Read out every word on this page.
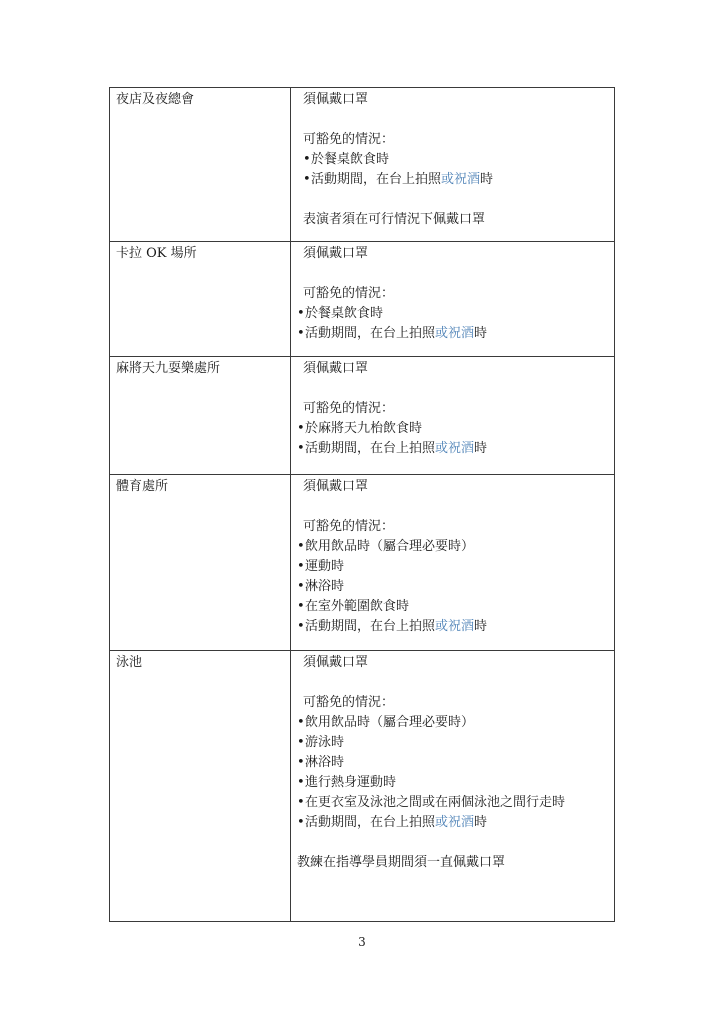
夜店及夜總會	須佩戴口罩
可豁免的情況：
•於餐桌飲食時
•活動期間，在台上拍照或祝酒時
表演者須在可行情況下佩戴口罩

卡拉 OK 場所	須佩戴口罩
可豁免的情況：
•於餐桌飲食時
•活動期間，在台上拍照或祝酒時

麻將天九耍樂處所	須佩戴口罩
可豁免的情況：
•於麻將天九枱飲食時
•活動期間，在台上拍照或祝酒時

體育處所	須佩戴口罩
可豁免的情況：
•飲用飲品時（屬合理必要時）
•運動時
•淋浴時
•在室外範圍飲食時
•活動期間，在台上拍照或祝酒時

泳池	須佩戴口罩
可豁免的情況：
•飲用飲品時（屬合理必要時）
•游泳時
•淋浴時
•進行熱身運動時
•在更衣室及泳池之間或在兩個泳池之間行走時
•活動期間，在台上拍照或祝酒時
教練在指導學員期間須一直佩戴口罩
3
